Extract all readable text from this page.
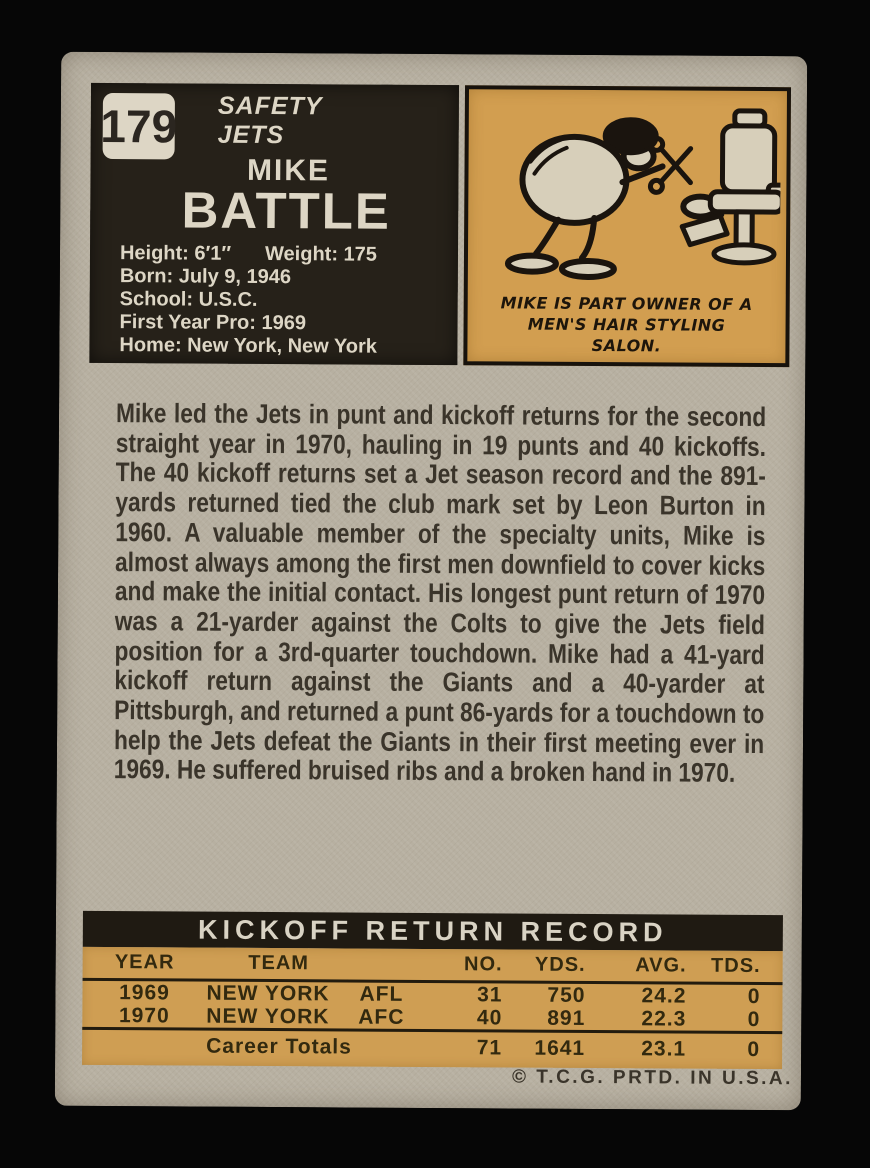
179 SAFETY
JETS
MIKE
BATTLE
Height: 6′1′′ Weight: 175
Born: July 9, 1946
School: U.S.C.
First Year Pro: 1969
Home: New York, New York
MIKE IS PART OWNER OF A
MEN'S HAIR STYLING
SALON.
Mike led the Jets in punt and kickoff returns for the second straight year in 1970, hauling in 19 punts and 40 kickoffs. The 40 kickoff returns set a Jet season record and the 891-yards returned tied the club mark set by Leon Burton in 1960. A valuable member of the specialty units, Mike is almost always among the first men downfield to cover kicks and make the initial contact. His longest punt return of 1970 was a 21-yarder against the Colts to give the Jets field position for a 3rd-quarter touchdown. Mike had a 41-yard kickoff return against the Giants and a 40-yarder at Pittsburgh, and returned a punt 86-yards for a touchdown to help the Jets defeat the Giants in their first meeting ever in 1969. He suffered bruised ribs and a broken hand in 1970.
KICKOFF RETURN RECORD
YEAR	TEAM	NO.	YDS.	AVG.	TDS.
1969	NEW YORK	AFL	31	750	24.2	0
1970	NEW YORK	AFC	40	891	22.3	0
Career Totals	71	1641	23.1	0
© T.C.G. PRTD. IN U.S.A.
